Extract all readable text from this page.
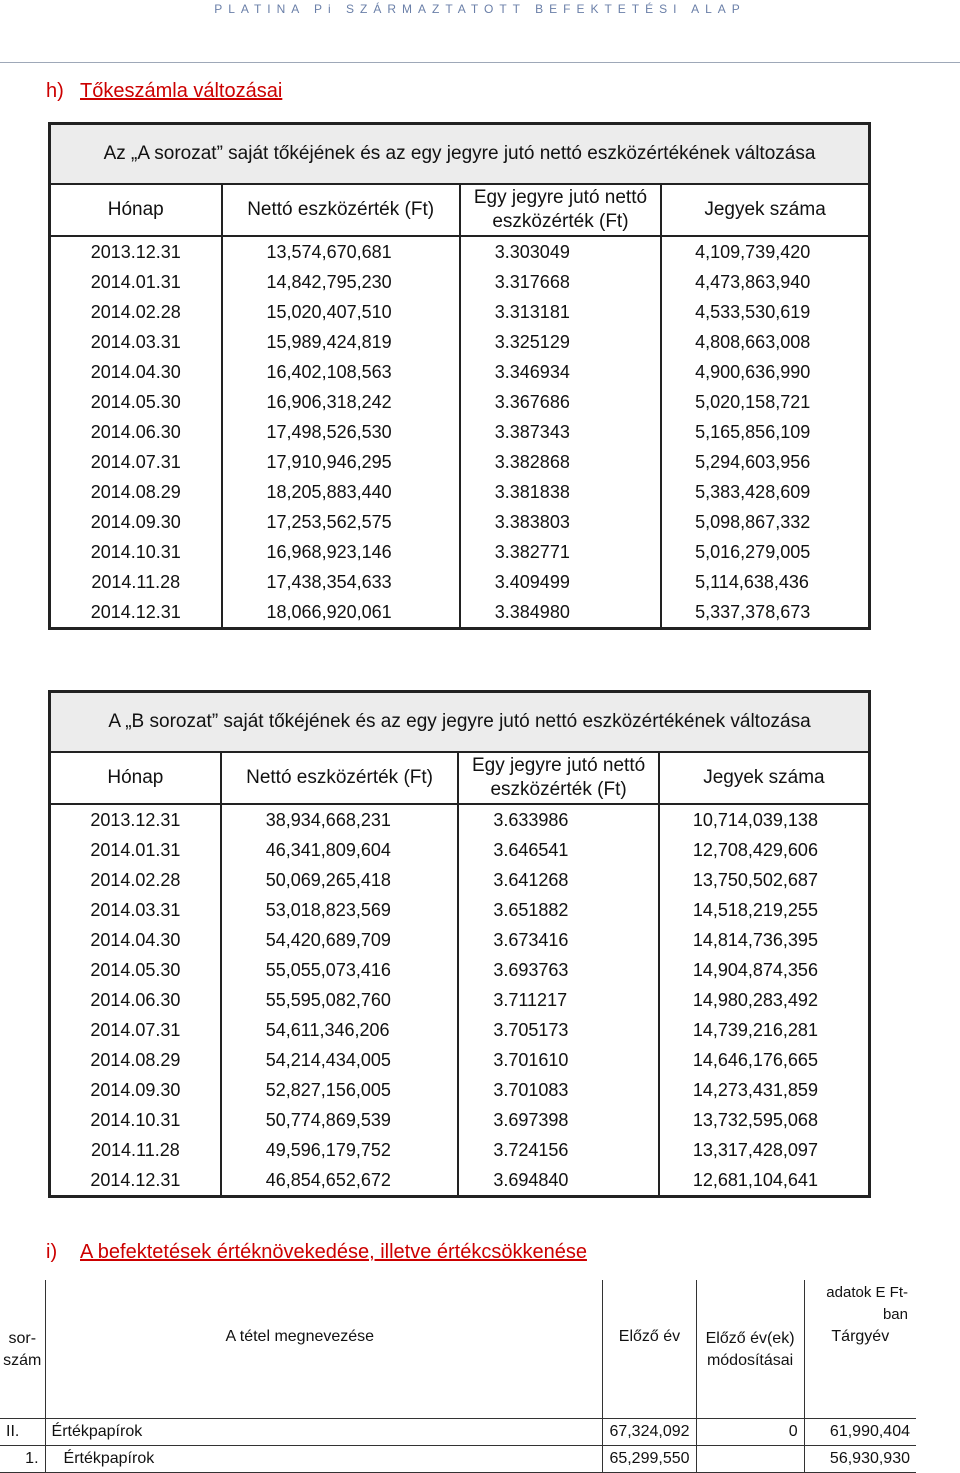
PLATINA Pi SZÁRMAZTATOTT BEFEKTETÉSI ALAP
h) Tőkeszámla változásai
Az „A sorozat” saját tőkéjének és az egy jegyre jutó nettó eszközértékének változása			
Hónap	Nettó eszközérték (Ft)	Egy jegyre jutó nettó eszközérték (Ft)	Jegyek száma
2013.12.31	13,574,670,681	3.303049	4,109,739,420
2014.01.31	14,842,795,230	3.317668	4,473,863,940
2014.02.28	15,020,407,510	3.313181	4,533,530,619
2014.03.31	15,989,424,819	3.325129	4,808,663,008
2014.04.30	16,402,108,563	3.346934	4,900,636,990
2014.05.30	16,906,318,242	3.367686	5,020,158,721
2014.06.30	17,498,526,530	3.387343	5,165,856,109
2014.07.31	17,910,946,295	3.382868	5,294,603,956
2014.08.29	18,205,883,440	3.381838	5,383,428,609
2014.09.30	17,253,562,575	3.383803	5,098,867,332
2014.10.31	16,968,923,146	3.382771	5,016,279,005
2014.11.28	17,438,354,633	3.409499	5,114,638,436
2014.12.31	18,066,920,061	3.384980	5,337,378,673
A „B sorozat” saját tőkéjének és az egy jegyre jutó nettó eszközértékének változása			
Hónap	Nettó eszközérték (Ft)	Egy jegyre jutó nettó eszközérték (Ft)	Jegyek száma
2013.12.31	38,934,668,231	3.633986	10,714,039,138
2014.01.31	46,341,809,604	3.646541	12,708,429,606
2014.02.28	50,069,265,418	3.641268	13,750,502,687
2014.03.31	53,018,823,569	3.651882	14,518,219,255
2014.04.30	54,420,689,709	3.673416	14,814,736,395
2014.05.30	55,055,073,416	3.693763	14,904,874,356
2014.06.30	55,595,082,760	3.711217	14,980,283,492
2014.07.31	54,611,346,206	3.705173	14,739,216,281
2014.08.29	54,214,434,005	3.701610	14,646,176,665
2014.09.30	52,827,156,005	3.701083	14,273,431,859
2014.10.31	50,774,869,539	3.697398	13,732,595,068
2014.11.28	49,596,179,752	3.724156	13,317,428,097
2014.12.31	46,854,652,672	3.694840	12,681,104,641
i) A befektetések értéknövekedése, illetve értékcsökkenése
adatok E Ft-ban
sor-szám	A tétel megnevezése	Előző év	Előző év(ek) módosításai	Tárgyév
II.	Értékpapírok	67,324,092	0	61,990,404
1.	Értékpapírok	65,299,550		56,930,930
